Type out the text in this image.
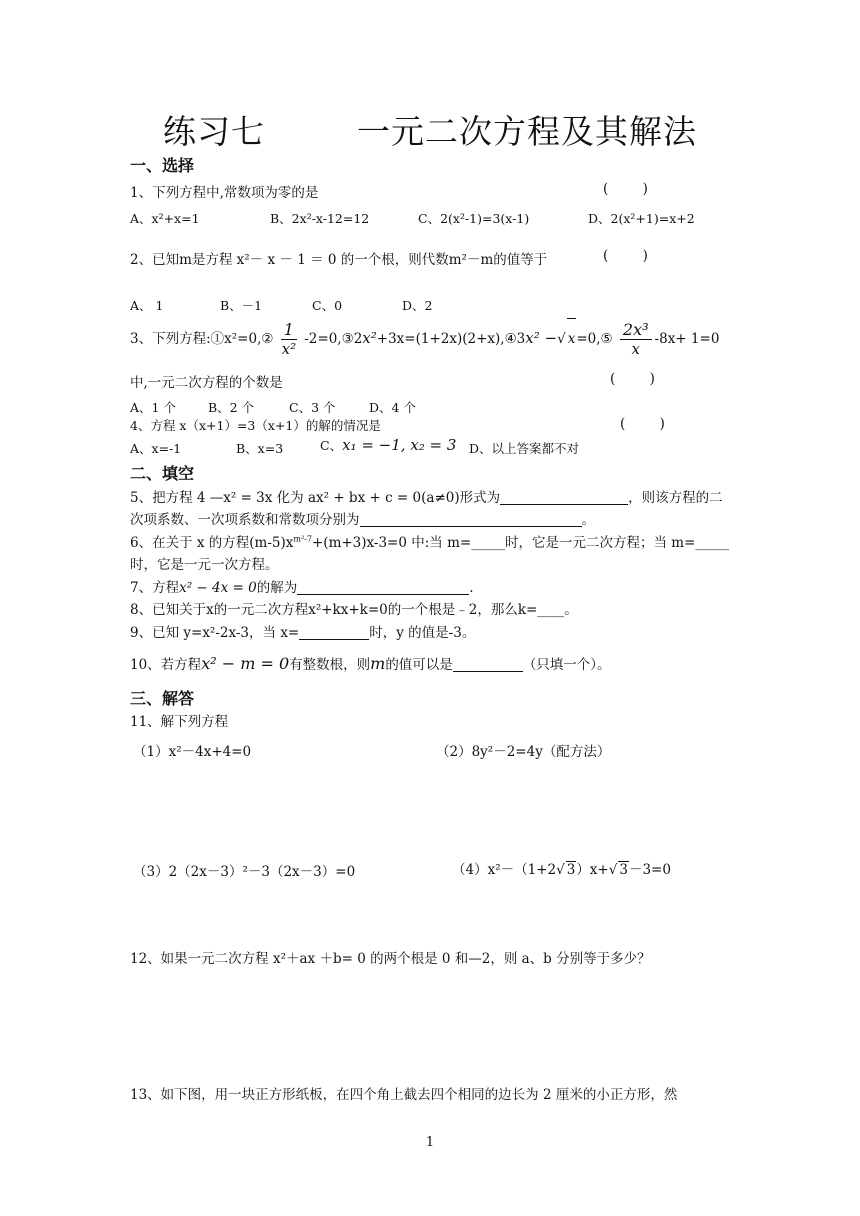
练习七        一元二次方程及其解法
一、选择
1、下列方程中,常数项为零的是	(        )
A、x²+x=1	B、2x²-x-12=12	C、2(x²-1)=3(x-1)	D、2(x²+1)=x+2
2、已知m是方程 x²－ x － 1 ＝ 0 的一个根，则代数m²－m的值等于	(        )
A、 1	B、－1	C、0	D、2
3、下列方程:①x²=0,② $\frac{1}{\text{x²}}$ -2=0,③2x²+3x=(1+2x)(2+x),④3x² −√ x=0,⑤ $\frac{\text{2x³}}{x} -8x+ 1=0$
中,一元二次方程的个数是	(        )
A、1 个	B、2 个	C、3 个	D、4 个
4、方程 x（x+1）=3（x+1）的解的情况是	(        )
A、x=-1	B、x=3	C、x₁ = −1, x₂ = 3 D、以上答案都不对
二、填空
5、把方程 4 —x² = 3x 化为 ax² + bx + c = 0(a≠0)形式为	，则该方程的二
次项系数、一次项系数和常数项分别为	。
6、在关于 x 的方程$(m-5)x^{m^2-7}+(m+3)x-3=0$ 中:当 m=_____时，它是一元二次方程；当 m=_____
时，它是一元一次方程。
7、方程x² − 4x = 0的解为	.
8、已知关于x的一元二次方程x²+kx+k=0的一个根是﹣2，那么k=____。
9、已知 y=x²-2x-3，当 x=	时，y 的值是-3。
10、若方程x² − m = 0有整数根，则m的值可以是	（只填一个）。
三、解答
11、解下列方程
（1）x²－4x+4=0	（2）8y²－2=4y（配方法）
（3）2（2x－3）²－3（2x－3）=0	（4）x²－（1+2√ 3）x+√ 3－3=0
12、如果一元二次方程 x²＋ax ＋b= 0 的两个根是 0 和—2，则 a、b 分别等于多少？
13、如下图，用一块正方形纸板，在四个角上截去四个相同的边长为 2 厘米的小正方形，然
1
